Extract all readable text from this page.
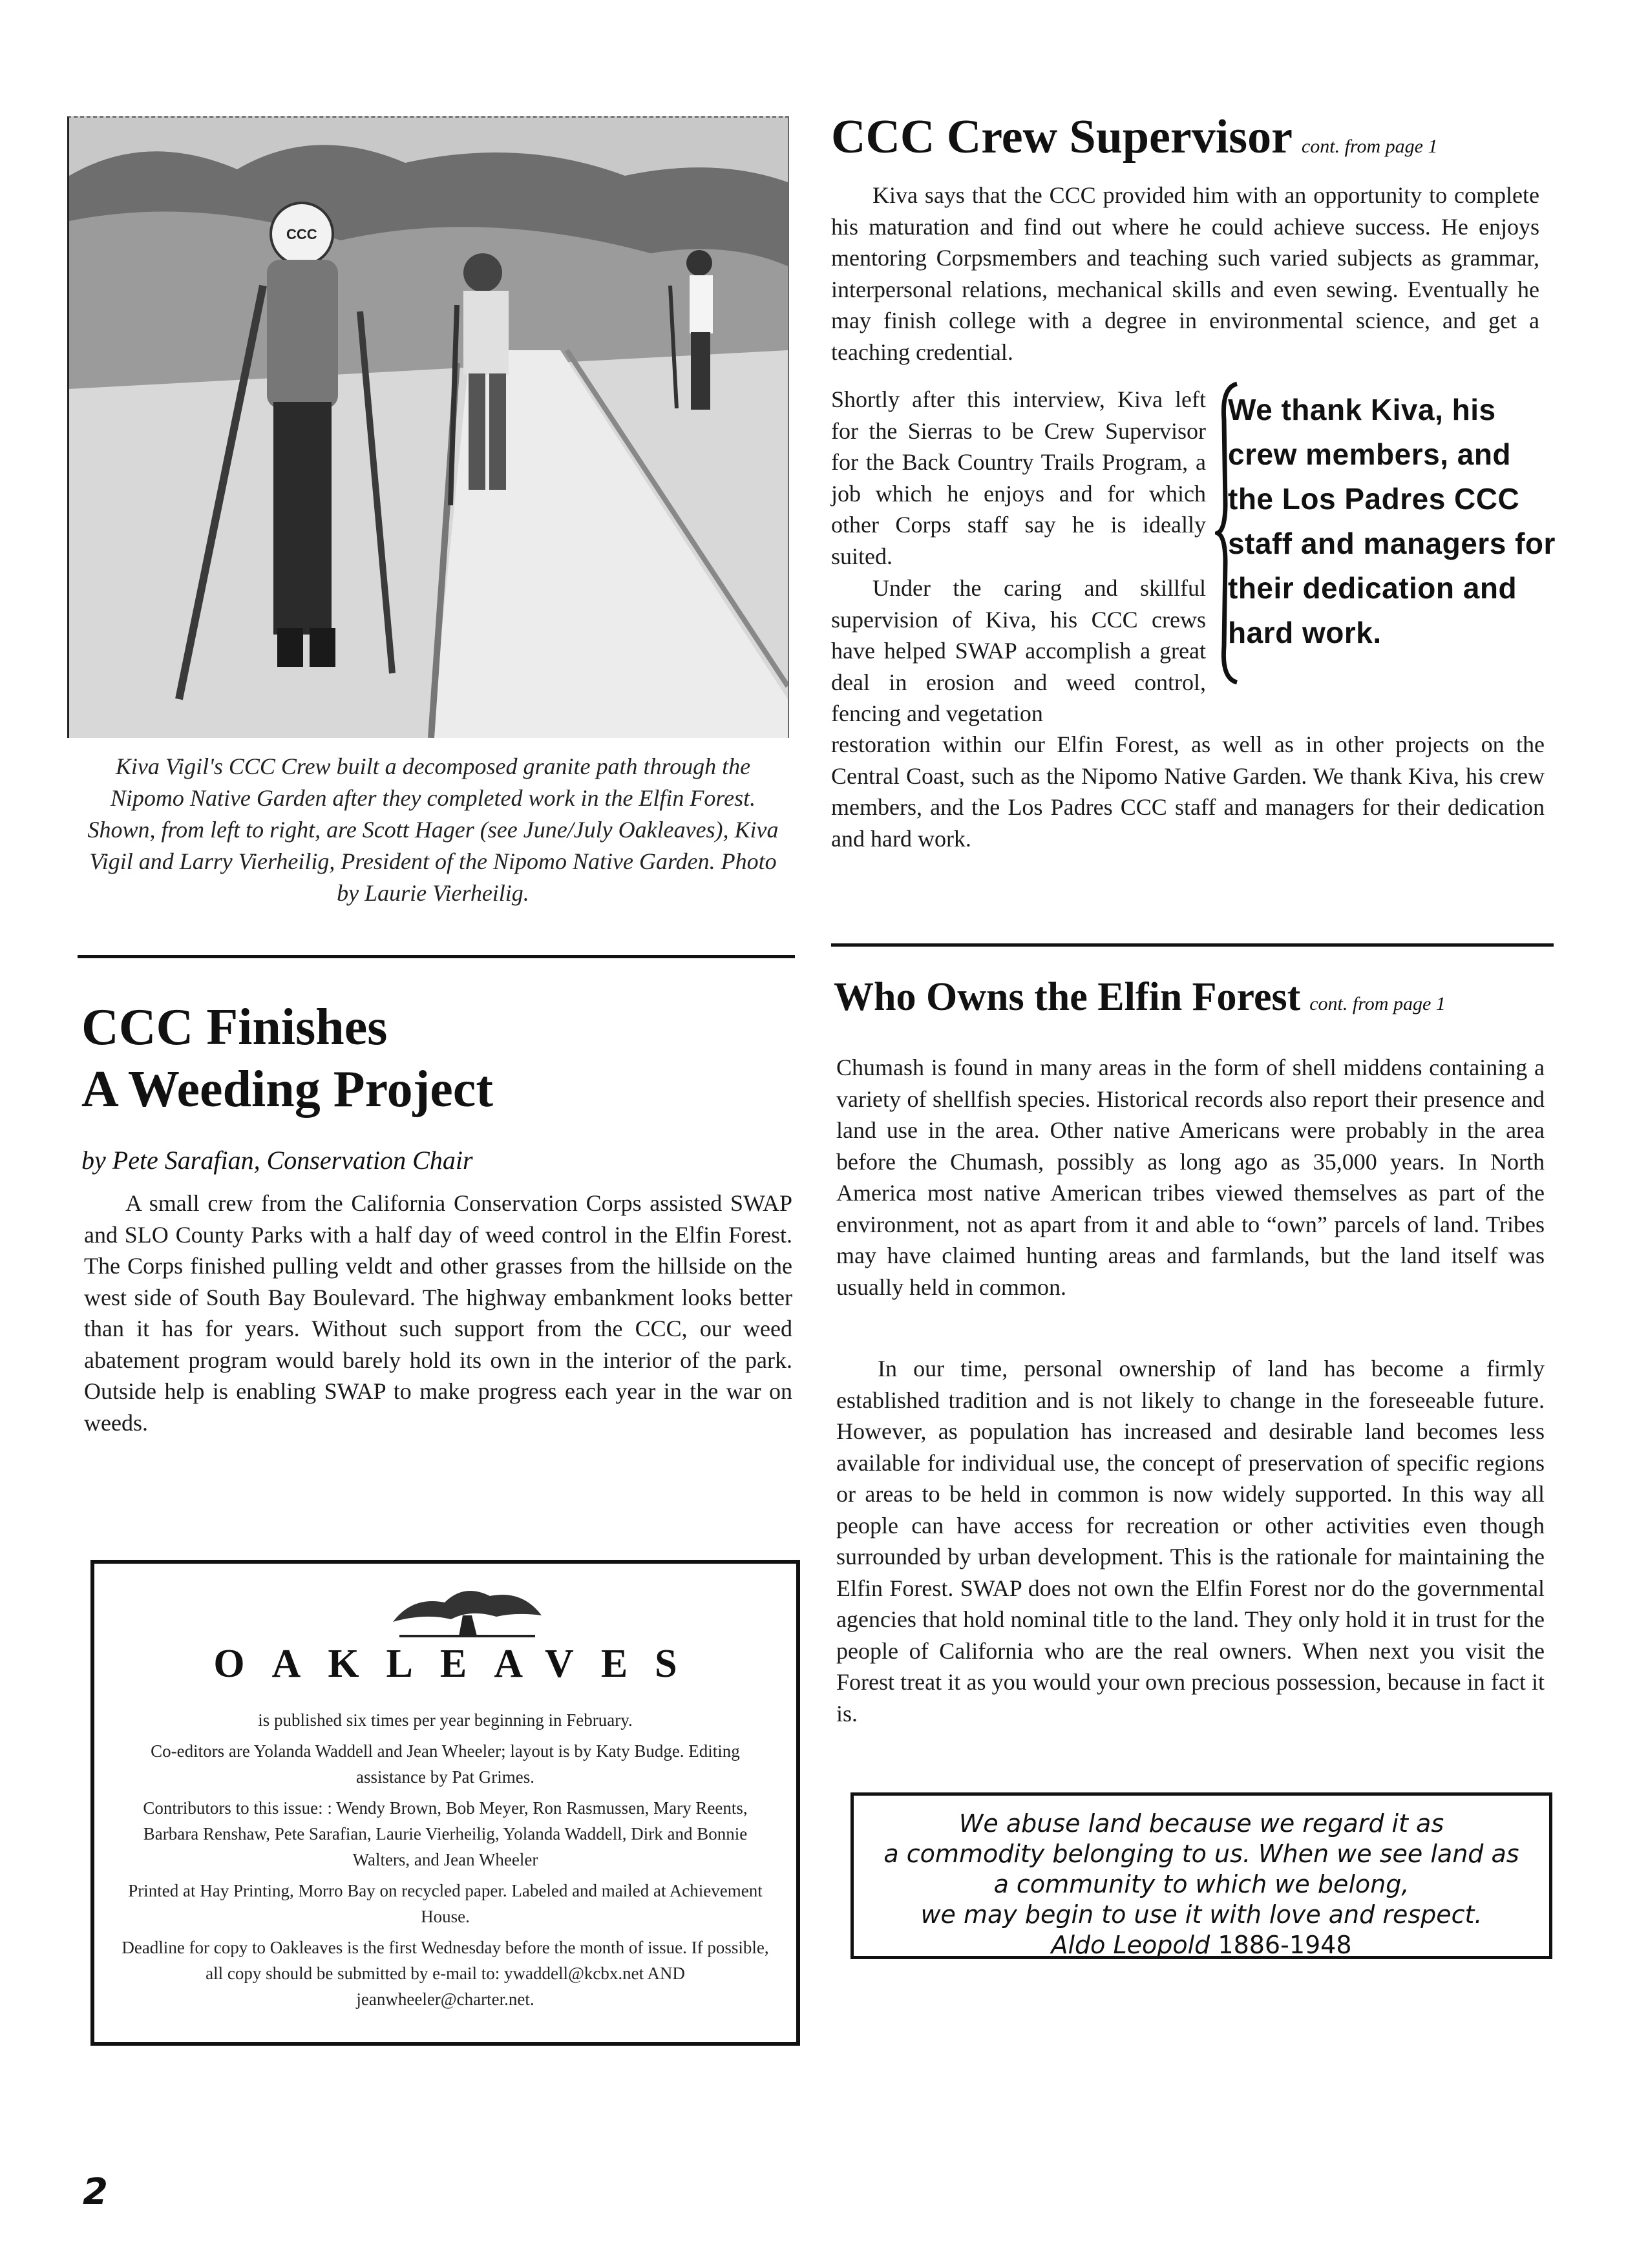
CCC
Kiva Vigil's CCC Crew built a decomposed granite path through the Nipomo Native Garden after they completed work in the Elfin Forest. Shown, from left to right, are Scott Hager (see June/July Oakleaves), Kiva Vigil and Larry Vierheilig, President of the Nipomo Native Garden. Photo by Laurie Vierheilig.
CCC Crew Supervisor cont. from page 1

Kiva says that the CCC provided him with an opportunity to complete his maturation and find out where he could achieve success. He enjoys mentoring Corpsmembers and teaching such varied subjects as grammar, interpersonal relations, mechanical skills and even sewing. Eventually he may finish college with a degree in environmental science, and get a teaching credential.

Shortly after this interview, Kiva left for the Sierras to be Crew Supervisor for the Back Country Trails Program, a job which he enjoys and for which other Corps staff say he is ideally suited.

Under the caring and skillful supervision of Kiva, his CCC crews have helped SWAP accomplish a great deal in erosion and weed control, fencing and vegetation

restoration within our Elfin Forest, as well as in other projects on the Central Coast, such as the Nipomo Native Garden. We thank Kiva, his crew members, and the Los Padres CCC staff and managers for their dedication and hard work.

We thank Kiva, his crew members, and the Los Padres CCC staff and managers for their dedication and hard work.
CCC Finishes
A Weeding Project
by Pete Sarafian, Conservation Chair

A small crew from the California Conservation Corps assisted SWAP and SLO County Parks with a half day of weed control in the Elfin Forest. The Corps finished pulling veldt and other grasses from the hillside on the west side of South Bay Boulevard. The highway embankment looks better than it has for years. Without such support from the CCC, our weed abatement program would barely hold its own in the interior of the park. Outside help is enabling SWAP to make progress each year in the war on weeds.

Who Owns the Elfin Forest cont. from page 1

Chumash is found in many areas in the form of shell middens containing a variety of shellfish species. Historical records also report their presence and land use in the area. Other native Americans were probably in the area before the Chumash, possibly as long ago as 35,000 years. In North America most native American tribes viewed themselves as part of the environment, not as apart from it and able to “own” parcels of land. Tribes may have claimed hunting areas and farmlands, but the land itself was usually held in common.

In our time, personal ownership of land has become a firmly established tradition and is not likely to change in the foreseeable future. However, as population has increased and desirable land becomes less available for individual use, the concept of preservation of specific regions or areas to be held in common is now widely supported. In this way all people can have access for recreation or other activities even though surrounded by urban development. This is the rationale for maintaining the Elfin Forest. SWAP does not own the Elfin Forest nor do the governmental agencies that hold nominal title to the land. They only hold it in trust for the people of California who are the real owners. When next you visit the Forest treat it as you would your own precious possession, because in fact it is.

OAKLEAVES

is published six times per year beginning in February.

Co-editors are Yolanda Waddell and Jean Wheeler; layout is by Katy Budge. Editing assistance by Pat Grimes.

Contributors to this issue: : Wendy Brown, Bob Meyer, Ron Rasmussen, Mary Reents, Barbara Renshaw, Pete Sarafian, Laurie Vierheilig, Yolanda Waddell, Dirk and Bonnie Walters, and Jean Wheeler

Printed at Hay Printing, Morro Bay on recycled paper. Labeled and mailed at Achievement House.

Deadline for copy to Oakleaves is the first Wednesday before the month of issue. If possible, all copy should be submitted by e-mail to: ywaddell@kcbx.net AND jeanwheeler@charter.net.

We abuse land because we regard it as
a commodity belonging to us. When we see land as
a community to which we belong,
we may begin to use it with love and respect.
Aldo Leopold 1886-1948
2
